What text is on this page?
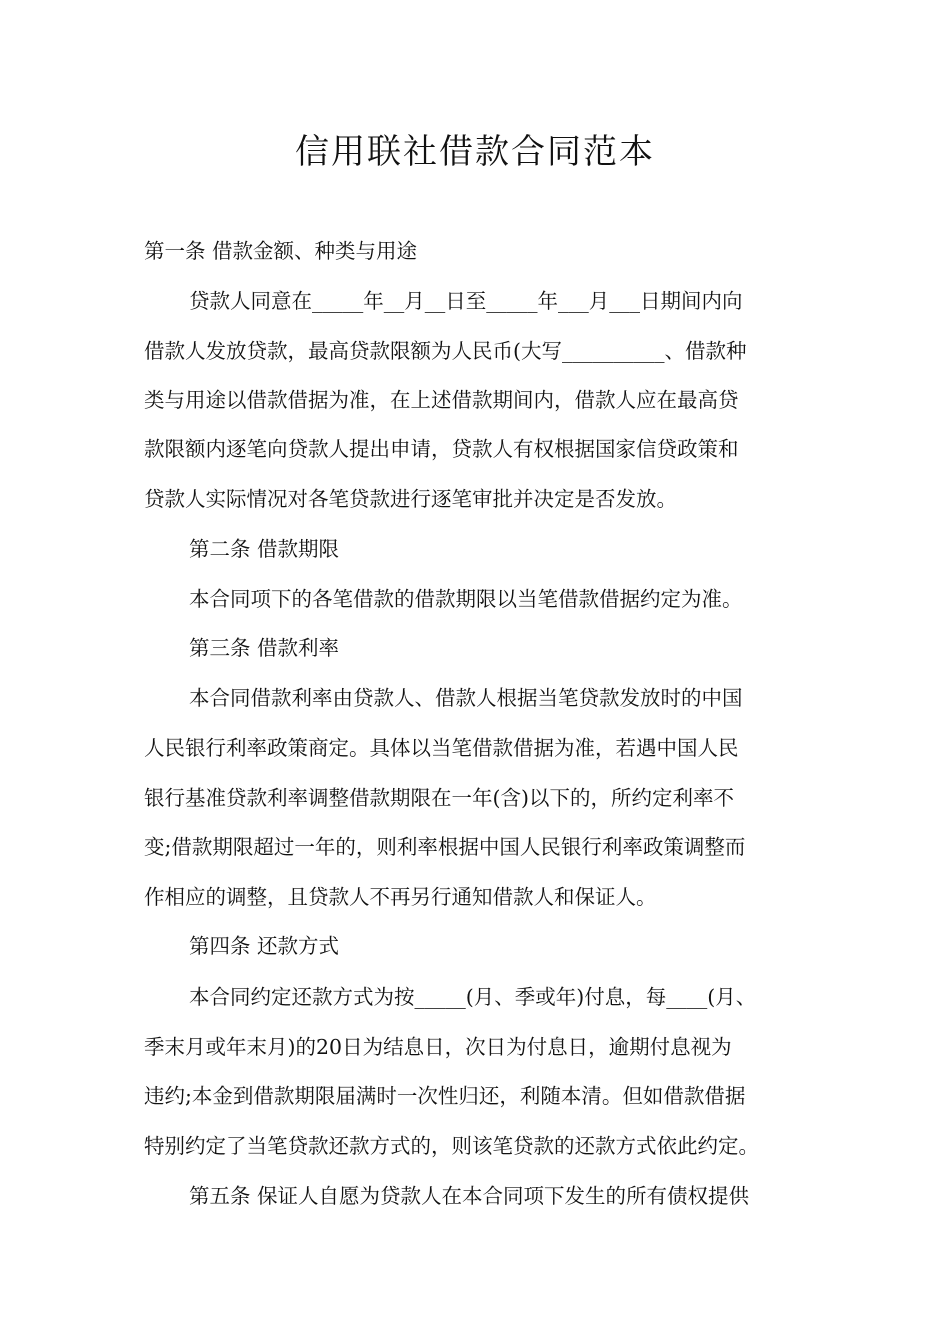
信用联社借款合同范本

第一条 借款金额、种类与用途

贷款人同意在_____年__月__日至_____年___月___日期间内向

借款人发放贷款，最高贷款限额为人民币(大写__________、借款种

类与用途以借款借据为准，在上述借款期间内，借款人应在最高贷

款限额内逐笔向贷款人提出申请，贷款人有权根据国家信贷政策和

贷款人实际情况对各笔贷款进行逐笔审批并决定是否发放。

第二条 借款期限

本合同项下的各笔借款的借款期限以当笔借款借据约定为准。

第三条 借款利率

本合同借款利率由贷款人、借款人根据当笔贷款发放时的中国

人民银行利率政策商定。具体以当笔借款借据为准，若遇中国人民

银行基准贷款利率调整借款期限在一年(含)以下的，所约定利率不

变;借款期限超过一年的，则利率根据中国人民银行利率政策调整而

作相应的调整，且贷款人不再另行通知借款人和保证人。

第四条 还款方式

本合同约定还款方式为按_____(月、季或年)付息，每____(月、

季末月或年末月)的20日为结息日，次日为付息日，逾期付息视为

违约;本金到借款期限届满时一次性归还，利随本清。但如借款借据

特别约定了当笔贷款还款方式的，则该笔贷款的还款方式依此约定。

第五条 保证人自愿为贷款人在本合同项下发生的所有债权提供
